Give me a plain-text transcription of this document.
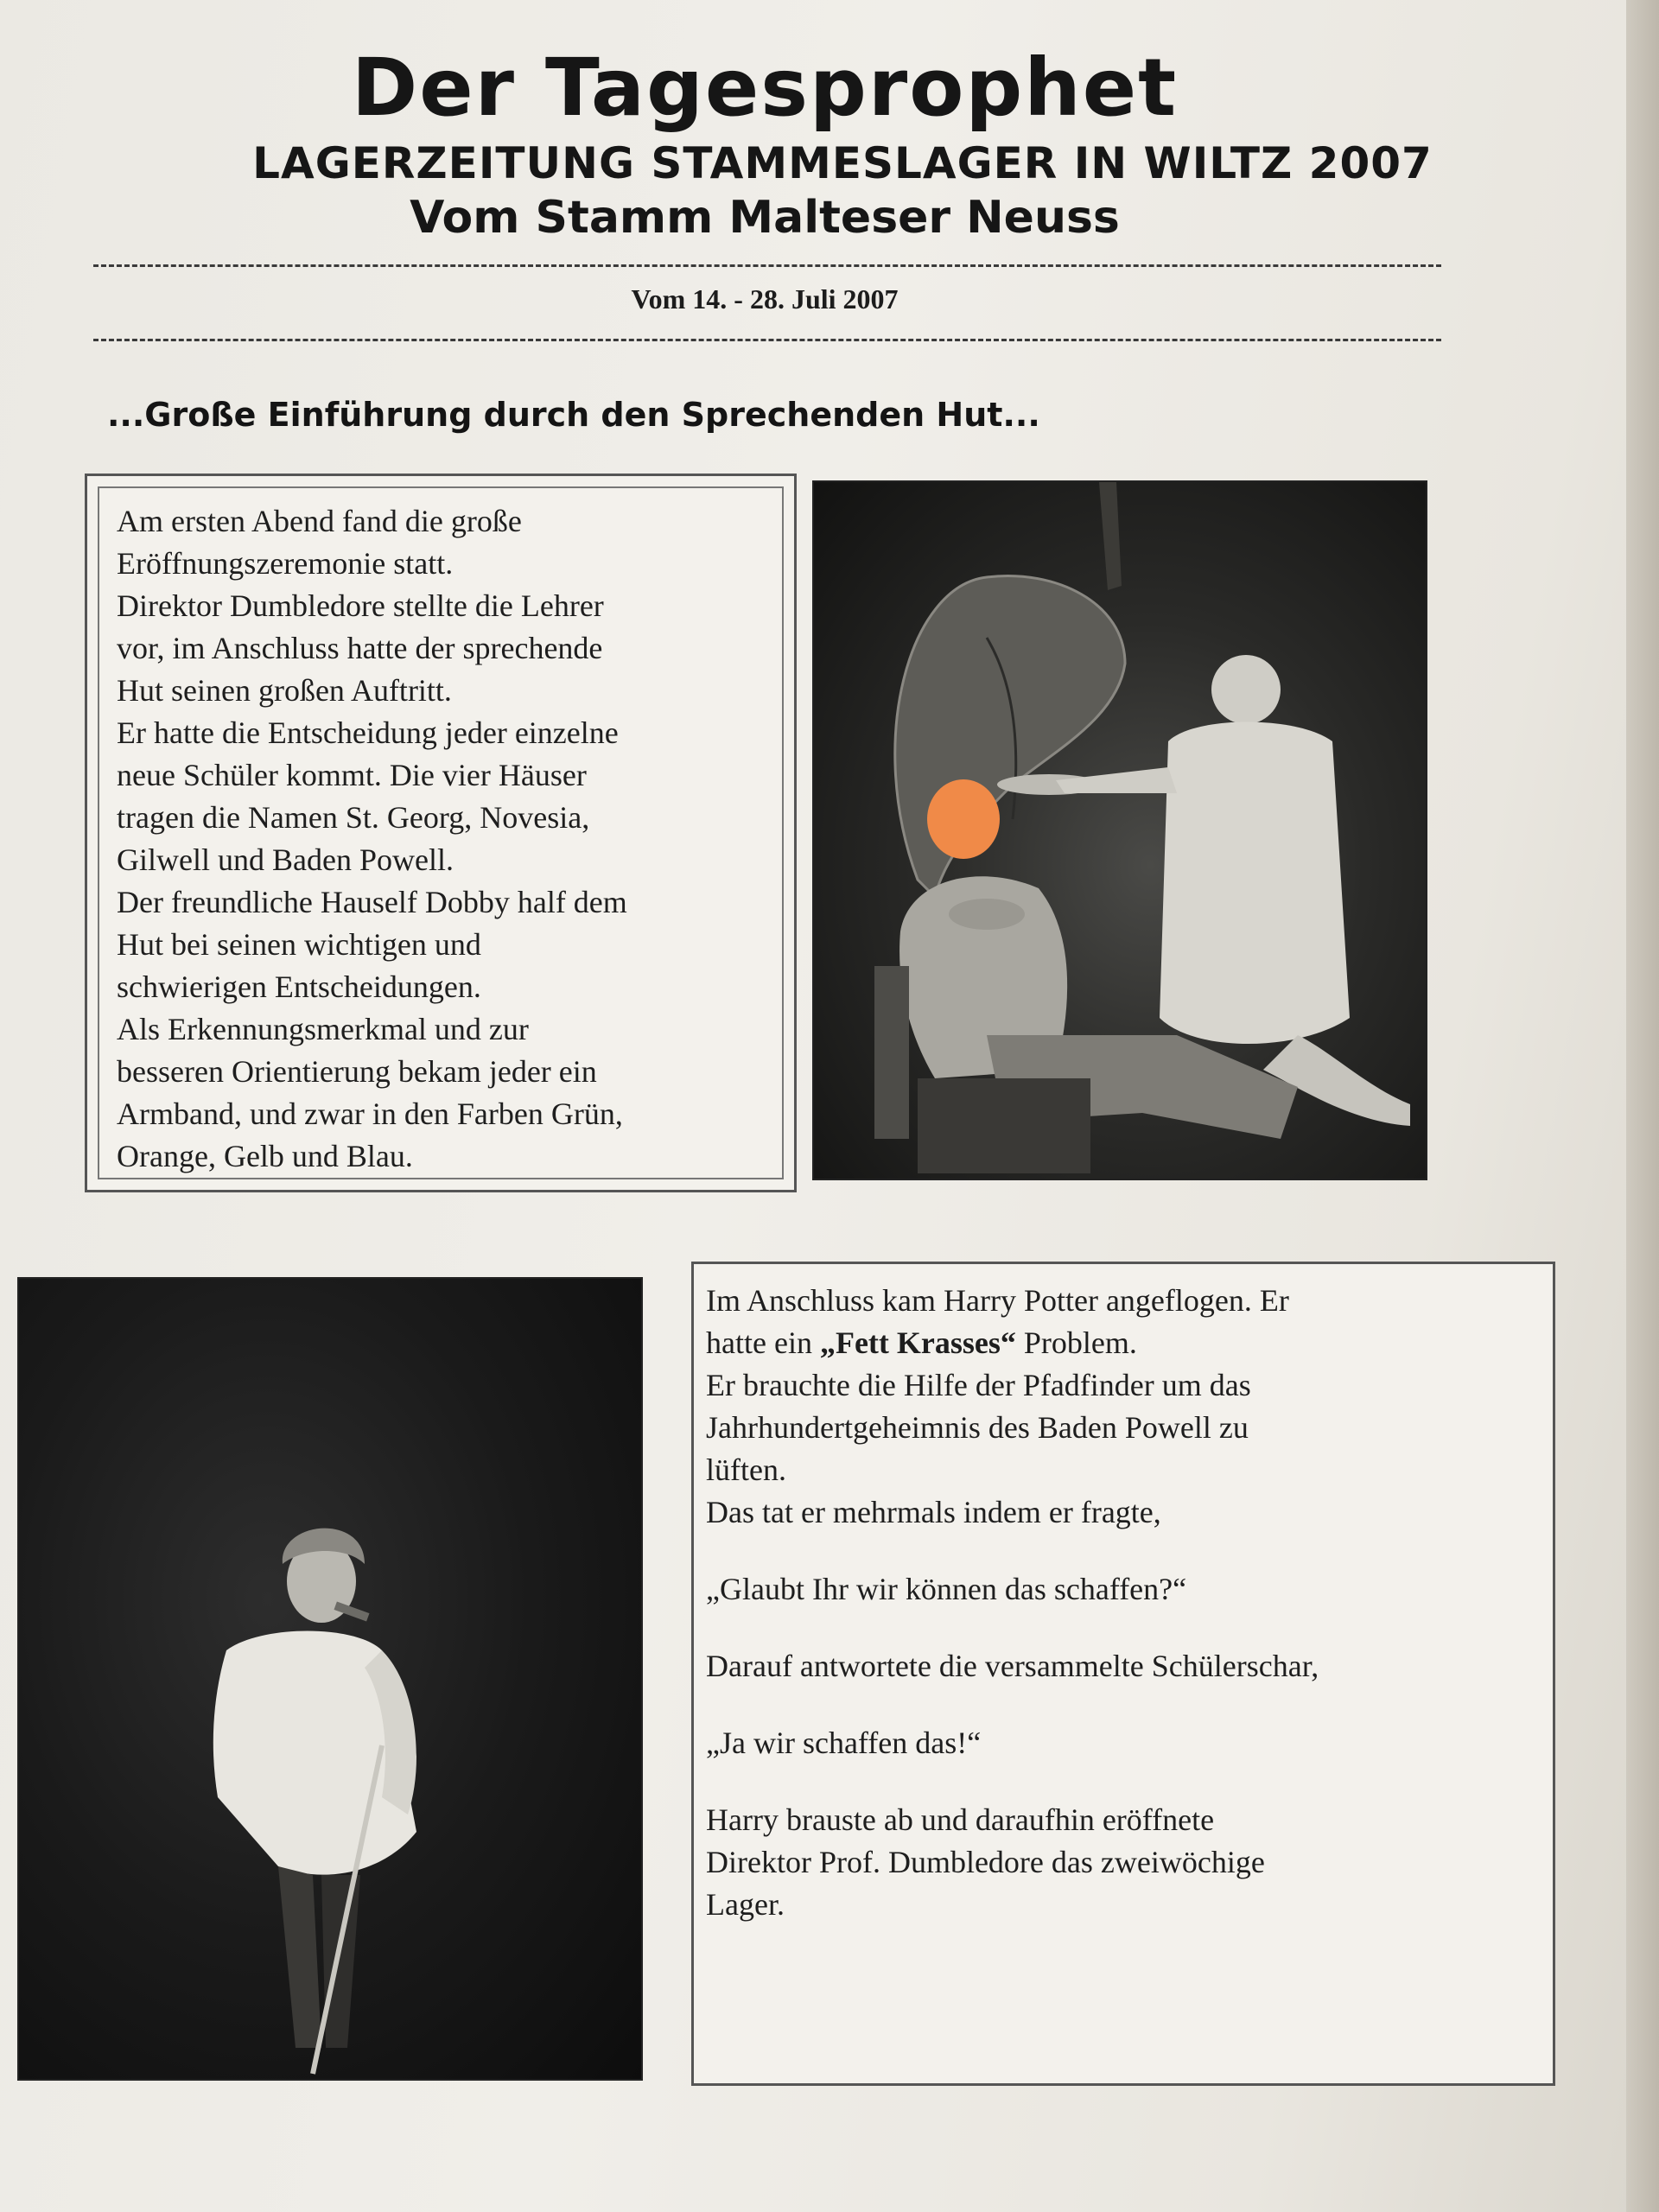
Der Tagesprophet
LAGERZEITUNG STAMMESLAGER IN WILTZ 2007
Vom Stamm Malteser Neuss
Vom 14. - 28. Juli 2007
...Große Einführung durch den Sprechenden Hut...

Am ersten Abend fand die große
Eröffnungszeremonie statt.
Direktor Dumbledore stellte die Lehrer
vor, im Anschluss hatte der sprechende
Hut seinen großen Auftritt.
Er hatte die Entscheidung jeder einzelne
neue Schüler kommt. Die vier Häuser
tragen die Namen St. Georg, Novesia,
Gilwell und Baden Powell.
Der freundliche Hauself Dobby half dem
Hut bei seinen wichtigen und
schwierigen Entscheidungen.
Als Erkennungsmerkmal und zur
besseren Orientierung bekam jeder ein
Armband, und zwar in den Farben Grün,
Orange, Gelb und Blau.

Im Anschluss kam Harry Potter angeflogen. Er
hatte ein „Fett Krasses“ Problem.
Er brauchte die Hilfe der Pfadfinder um das
Jahrhundertgeheimnis des Baden Powell zu
lüften.
Das tat er mehrmals indem er fragte,

„Glaubt Ihr wir können das schaffen?“

Darauf antwortete die versammelte Schülerschar,

„Ja wir schaffen das!“

Harry brauste ab und daraufhin eröffnete
Direktor Prof. Dumbledore das zweiwöchige
Lager.
